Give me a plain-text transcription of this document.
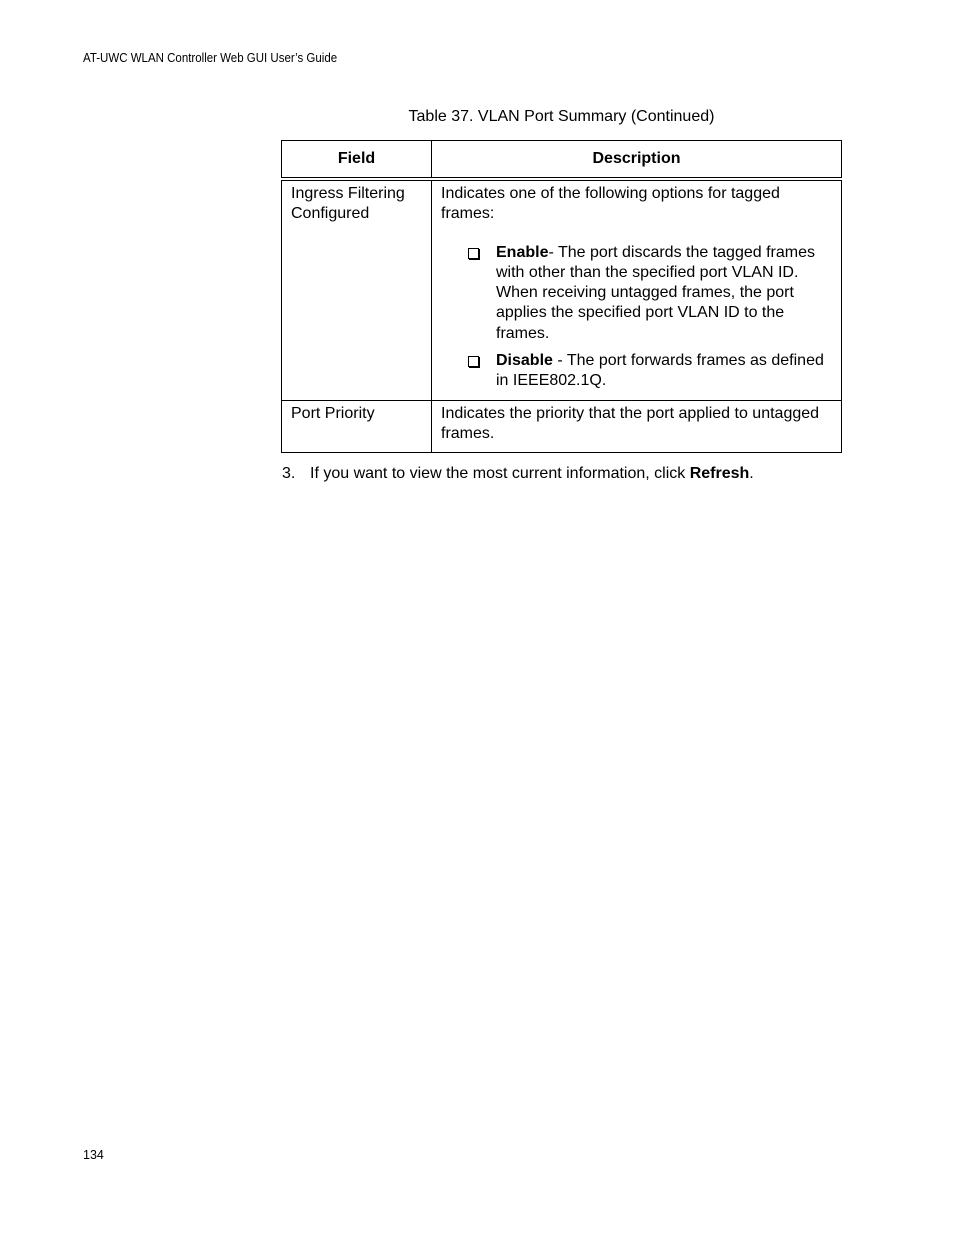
AT-UWC WLAN Controller Web GUI User’s Guide
Table 37. VLAN Port Summary (Continued)
Field	Description
Ingress Filtering Configured	Indicates one of the following options for tagged frames:
Enable- The port discards the tagged frames with other than the specified port VLAN ID. When receiving untagged frames, the port applies the specified port VLAN ID to the frames.
Disable - The port forwards frames as defined in IEEE802.1Q.

Port Priority	Indicates the priority that the port applied to untagged frames.
3. If you want to view the most current information, click Refresh.
134
